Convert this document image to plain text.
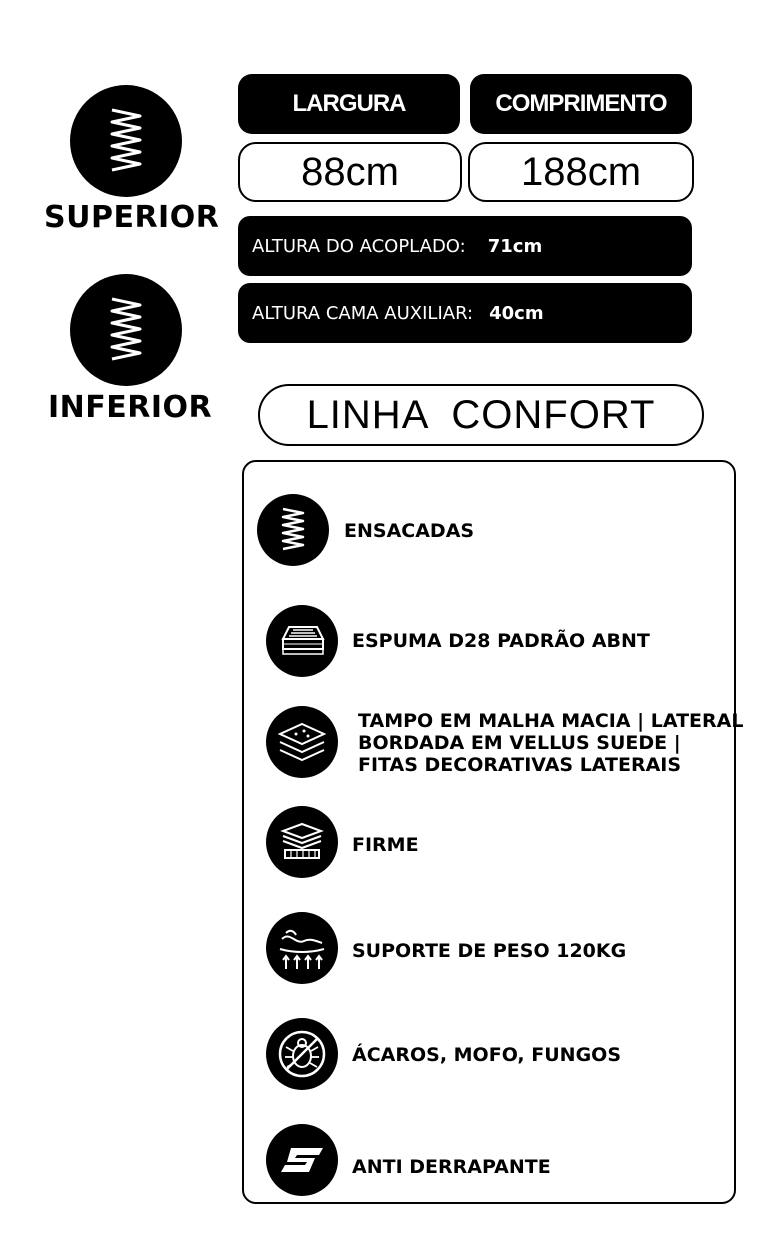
SUPERIOR
INFERIOR
LARGURA	COMPRIMENTO
88cm	188cm
ALTURA DO ACOPLADO: 71cm
ALTURA CAMA AUXILIAR: 40cm
LINHA  CONFORT
ENSACADAS
ESPUMA D28 PADRÃO ABNT
TAMPO EM MALHA MACIA | LATERAL
BORDADA EM VELLUS SUEDE |
FITAS DECORATIVAS LATERAIS
FIRME
SUPORTE DE PESO 120KG
ÁCAROS, MOFO, FUNGOS
ANTI DERRAPANTE
